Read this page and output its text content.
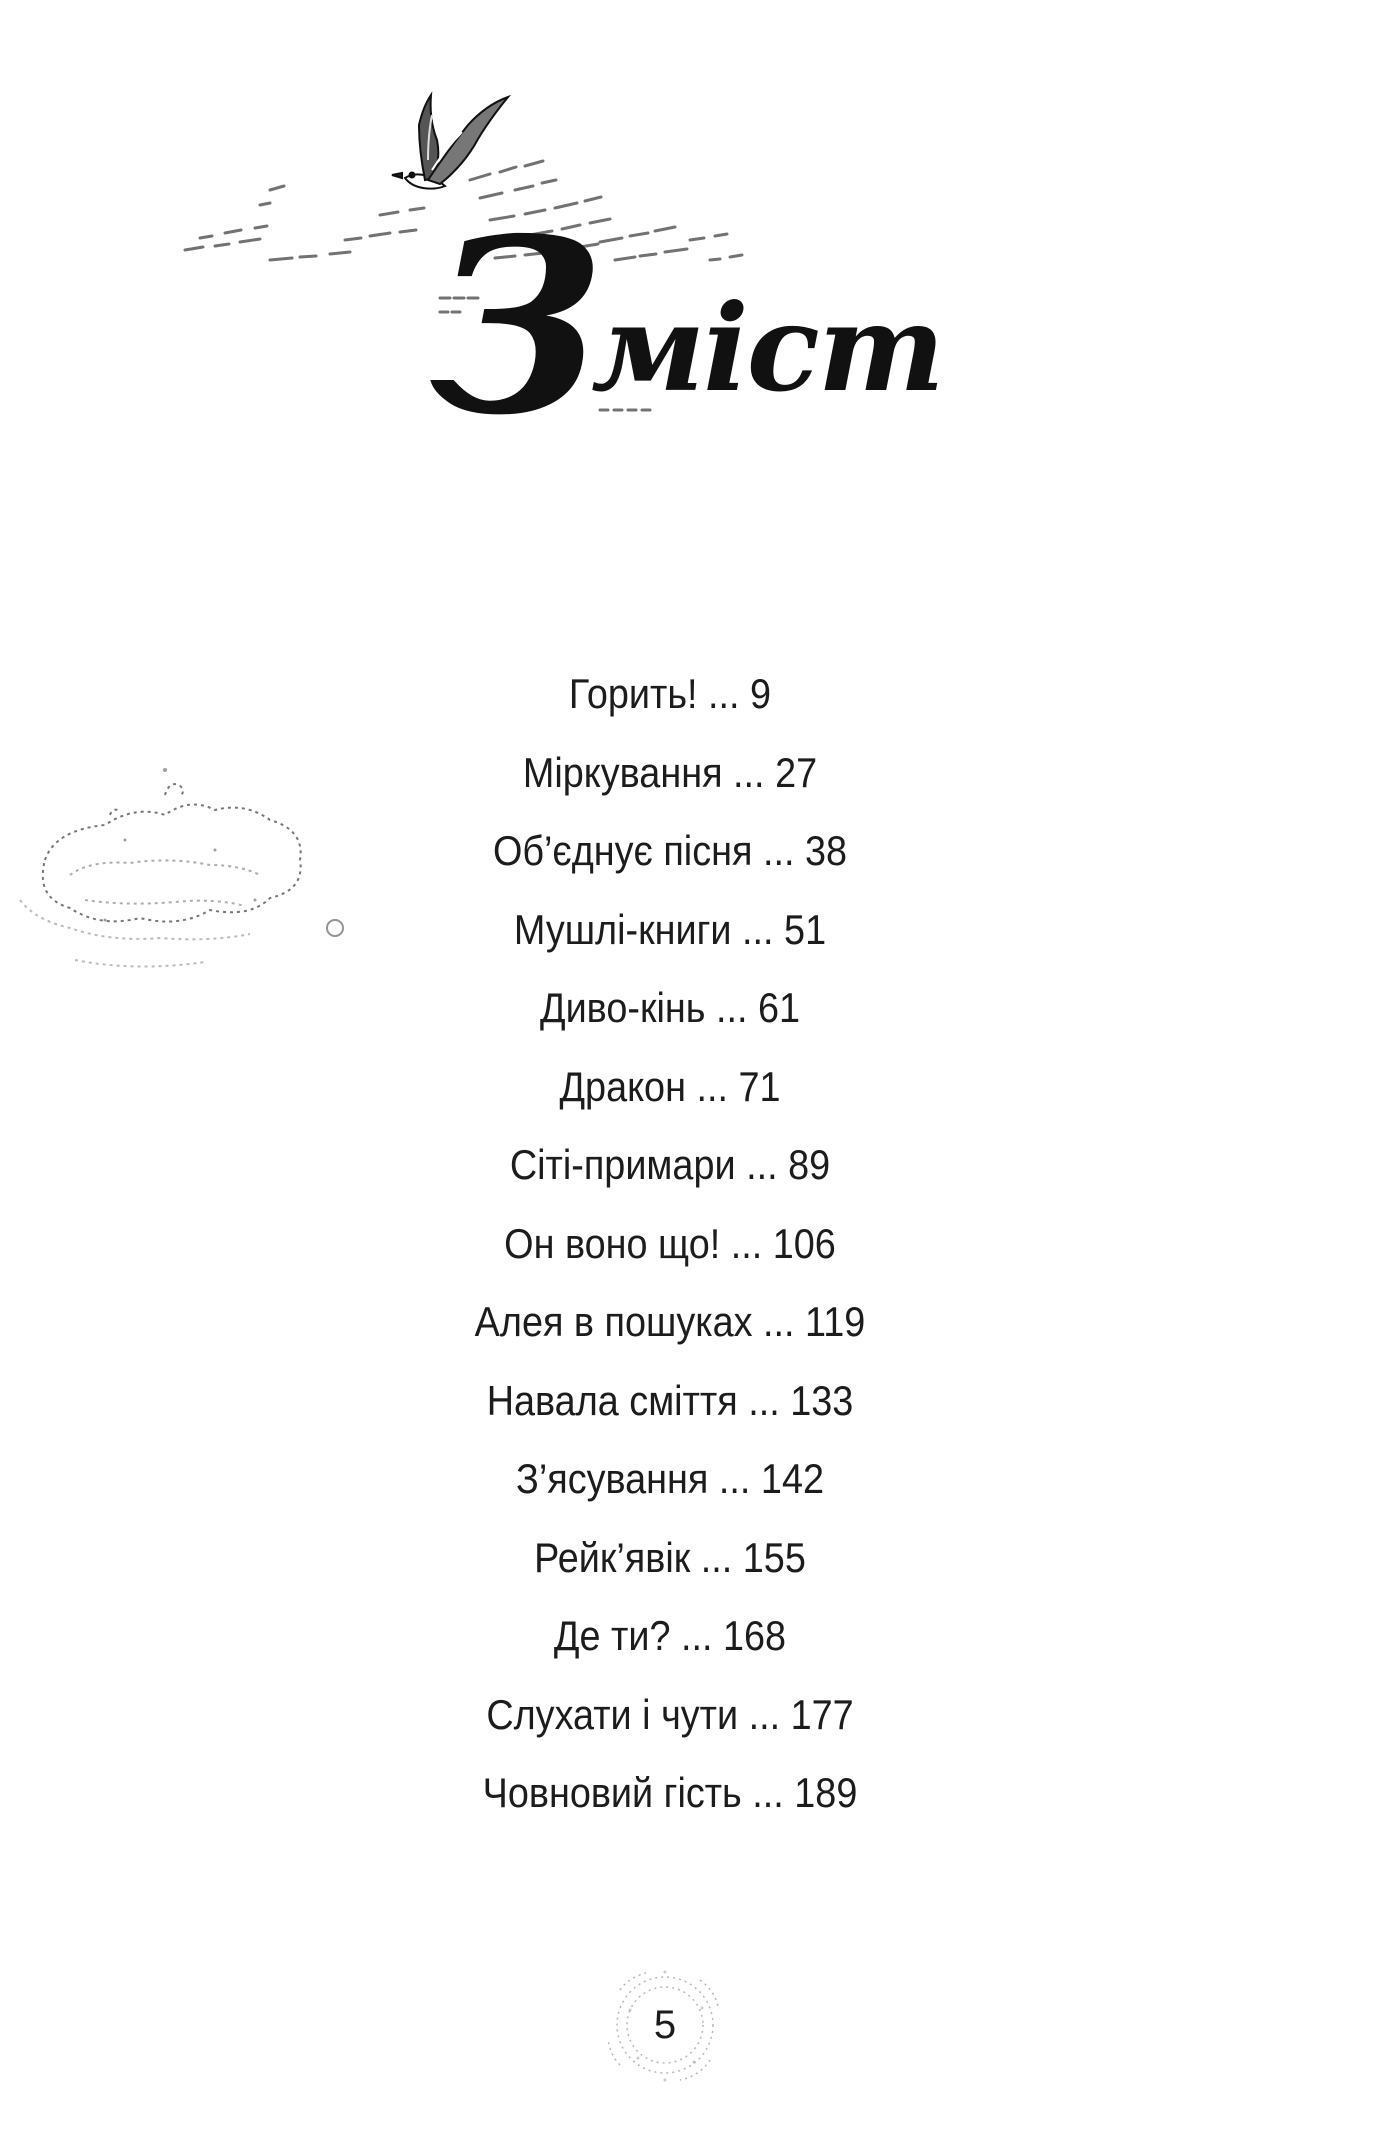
З
міст
Горить!
...
9
Міркування
...
27
Об’єднує пісня
...
38
Мушлі-книги
...
51
Диво-кінь
...
61
Дракон
...
71
Сіті-примари
...
89
Он воно що!
...
106
Алея в пошуках
...
119
Навала сміття
...
133
З’ясування
...
142
Рейк’явік
...
155
Де ти?
...
168
Слухати і чути
...
177
Човновий гість
...
189
5
